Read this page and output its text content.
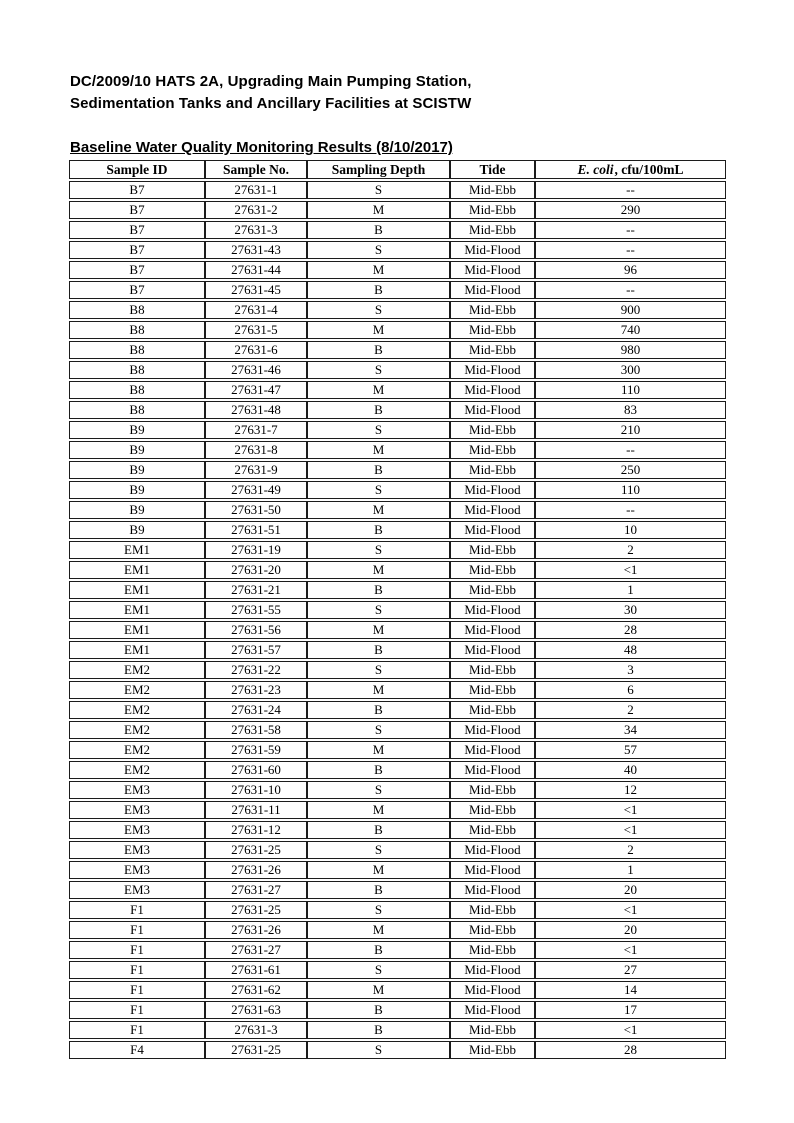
DC/2009/10 HATS 2A, Upgrading Main Pumping Station,
Sedimentation Tanks and Ancillary Facilities at SCISTW
Baseline Water Quality Monitoring Results (8/10/2017)
Sample ID	Sample No.	Sampling Depth	Tide	E. coli, cfu/100mL
B7	27631-1	S	Mid-Ebb	--
B7	27631-2	M	Mid-Ebb	290
B7	27631-3	B	Mid-Ebb	--
B7	27631-43	S	Mid-Flood	--
B7	27631-44	M	Mid-Flood	96
B7	27631-45	B	Mid-Flood	--
B8	27631-4	S	Mid-Ebb	900
B8	27631-5	M	Mid-Ebb	740
B8	27631-6	B	Mid-Ebb	980
B8	27631-46	S	Mid-Flood	300
B8	27631-47	M	Mid-Flood	110
B8	27631-48	B	Mid-Flood	83
B9	27631-7	S	Mid-Ebb	210
B9	27631-8	M	Mid-Ebb	--
B9	27631-9	B	Mid-Ebb	250
B9	27631-49	S	Mid-Flood	110
B9	27631-50	M	Mid-Flood	--
B9	27631-51	B	Mid-Flood	10
EM1	27631-19	S	Mid-Ebb	2
EM1	27631-20	M	Mid-Ebb	<1
EM1	27631-21	B	Mid-Ebb	1
EM1	27631-55	S	Mid-Flood	30
EM1	27631-56	M	Mid-Flood	28
EM1	27631-57	B	Mid-Flood	48
EM2	27631-22	S	Mid-Ebb	3
EM2	27631-23	M	Mid-Ebb	6
EM2	27631-24	B	Mid-Ebb	2
EM2	27631-58	S	Mid-Flood	34
EM2	27631-59	M	Mid-Flood	57
EM2	27631-60	B	Mid-Flood	40
EM3	27631-10	S	Mid-Ebb	12
EM3	27631-11	M	Mid-Ebb	<1
EM3	27631-12	B	Mid-Ebb	<1
EM3	27631-25	S	Mid-Flood	2
EM3	27631-26	M	Mid-Flood	1
EM3	27631-27	B	Mid-Flood	20
F1	27631-25	S	Mid-Ebb	<1
F1	27631-26	M	Mid-Ebb	20
F1	27631-27	B	Mid-Ebb	<1
F1	27631-61	S	Mid-Flood	27
F1	27631-62	M	Mid-Flood	14
F1	27631-63	B	Mid-Flood	17
F1	27631-3	B	Mid-Ebb	<1
F4	27631-25	S	Mid-Ebb	28
